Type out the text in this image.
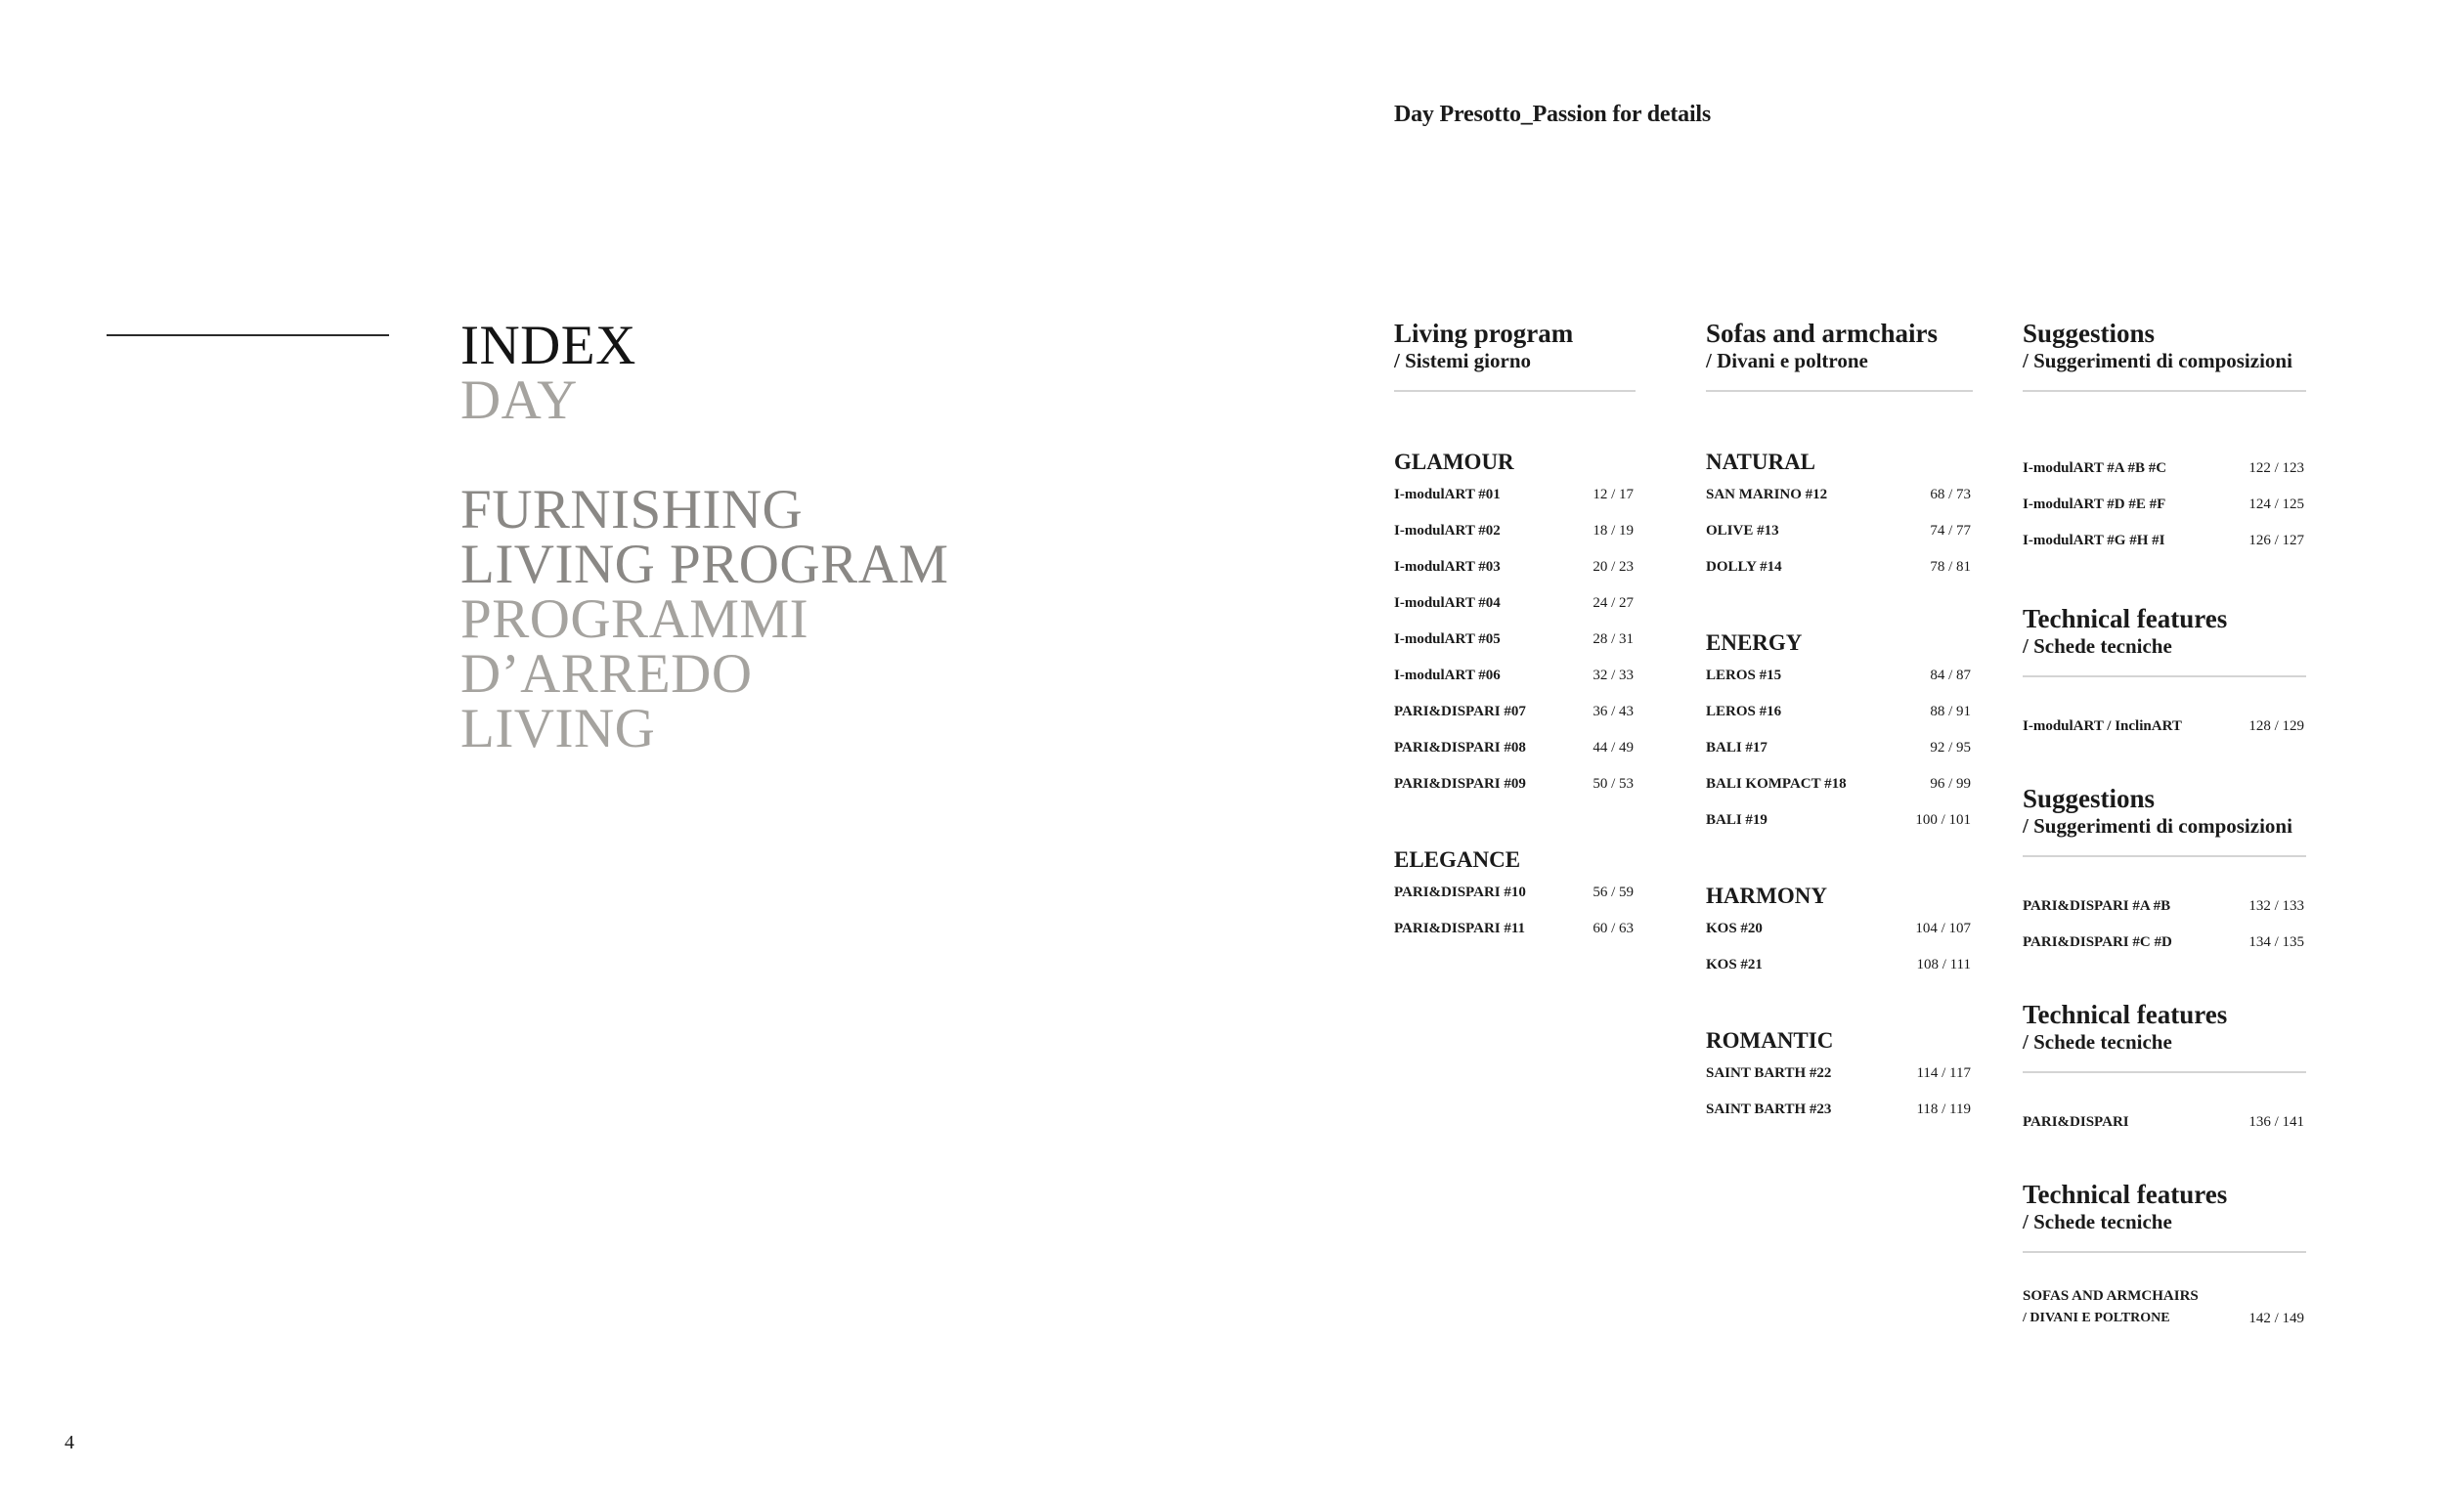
Day Presotto_Passion for details
INDEX
DAY
FURNISHING
LIVING PROGRAM
PROGRAMMI
D’ARREDO
LIVING
Living program
/ Sistemi giorno
GLAMOUR
I-modulART #01	12 / 17
I-modulART #02	18 / 19
I-modulART #03	20 / 23
I-modulART #04	24 / 27
I-modulART #05	28 / 31
I-modulART #06	32 / 33
PARI&DISPARI #07	36 / 43
PARI&DISPARI #08	44 / 49
PARI&DISPARI #09	50 / 53
ELEGANCE
PARI&DISPARI #10	56 / 59
PARI&DISPARI #11	60 / 63
Sofas and armchairs
/ Divani e poltrone
NATURAL
SAN MARINO #12	68 / 73
OLIVE #13	74 / 77
DOLLY #14	78 / 81
ENERGY
LEROS #15	84 / 87
LEROS #16	88 / 91
BALI #17	92 / 95
BALI KOMPACT #18	96 / 99
BALI #19	100 / 101
HARMONY
KOS #20	104 / 107
KOS #21	108 / 111
ROMANTIC
SAINT BARTH #22	114 / 117
SAINT BARTH #23	118 / 119
Suggestions
/ Suggerimenti di composizioni
I-modulART #A #B #C	122 / 123
I-modulART #D #E #F	124 / 125
I-modulART #G #H #I	126 / 127
Technical features
/ Schede tecniche
I-modulART / InclinART	128 / 129
Suggestions
/ Suggerimenti di composizioni
PARI&DISPARI #A #B	132 / 133
PARI&DISPARI #C #D	134 / 135
Technical features
/ Schede tecniche
PARI&DISPARI	136 / 141
Technical features
/ Schede tecniche
SOFAS AND ARMCHAIRS
/ DIVANI E POLTRONE	142 / 149
4
